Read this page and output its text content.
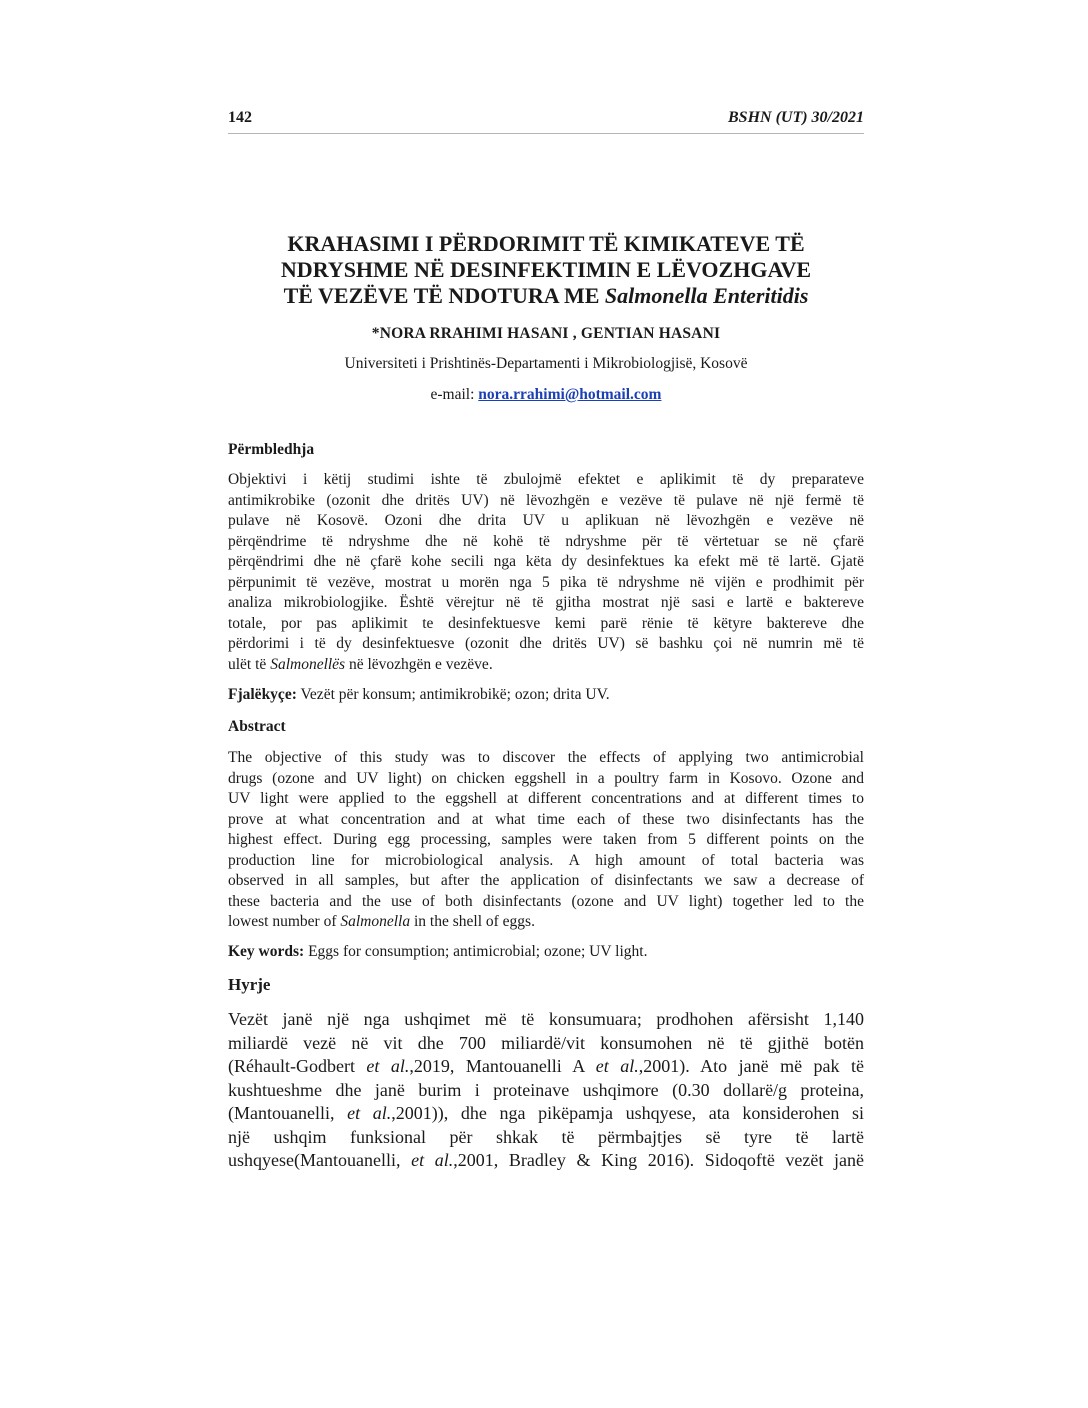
142	BSHN (UT) 30/2021
KRAHASIMI I PËRDORIMIT TË KIMIKATEVE TË
NDRYSHME NË DESINFEKTIMIN E LËVOZHGAVE
TË VEZËVE TË NDOTURA ME Salmonella Enteritidis

*NORA RRAHIMI HASANI , GENTIAN HASANI

Universiteti i Prishtinës-Departamenti i Mikrobiologjisë, Kosovë

e-mail: nora.rrahimi@hotmail.com

Përmbledhja
Objektivi i këtij studimi ishte të zbulojmë efektet e aplikimit të dy preparateve
antimikrobike (ozonit dhe dritës UV) në lëvozhgën e vezëve të pulave në një fermë të
pulave në Kosovë. Ozoni dhe drita UV u aplikuan në lëvozhgën e vezëve në
përqëndrime të ndryshme dhe në kohë të ndryshme për të vërtetuar se në çfarë
përqëndrimi dhe në çfarë kohe secili nga këta dy desinfektues ka efekt më të lartë. Gjatë
përpunimit të vezëve, mostrat u morën nga 5 pika të ndryshme në vijën e prodhimit për
analiza mikrobiologjike. Është vërejtur në të gjitha mostrat një sasi e lartë e baktereve
totale, por pas aplikimit te desinfektuesve kemi parë rënie të këtyre baktereve dhe
përdorimi i të dy desinfektuesve (ozonit dhe dritës UV) së bashku çoi në numrin më të
ulët të Salmonellës në lëvozhgën e vezëve.

Fjalëkyçe: Vezët për konsum; antimikrobikë; ozon; drita UV.

Abstract
The objective of this study was to discover the effects of applying two antimicrobial
drugs (ozone and UV light) on chicken eggshell in a poultry farm in Kosovo. Ozone and
UV light were applied to the eggshell at different concentrations and at different times to
prove at what concentration and at what time each of these two disinfectants has the
highest effect. During egg processing, samples were taken from 5 different points on the
production line for microbiological analysis. A high amount of total bacteria was
observed in all samples, but after the application of disinfectants we saw a decrease of
these bacteria and the use of both disinfectants (ozone and UV light) together led to the
lowest number of Salmonella in the shell of eggs.

Key words: Eggs for consumption; antimicrobial; ozone; UV light.

Hyrje
Vezët janë një nga ushqimet më të konsumuara; prodhohen afërsisht 1,140
miliardë vezë në vit dhe 700 miliardë/vit konsumohen në të gjithë botën
(Réhault-Godbert et al.,2019, Mantouanelli A et al.,2001). Ato janë më pak të
kushtueshme dhe janë burim i proteinave ushqimore (0.30 dollarë/g proteina,
(Mantouanelli, et al.,2001)), dhe nga pikëpamja ushqyese, ata konsiderohen si
një ushqim funksional për shkak të përmbajtjes së tyre të lartë
ushqyese(Mantouanelli, et al.,2001, Bradley & King 2016). Sidoqoftë vezët janë
